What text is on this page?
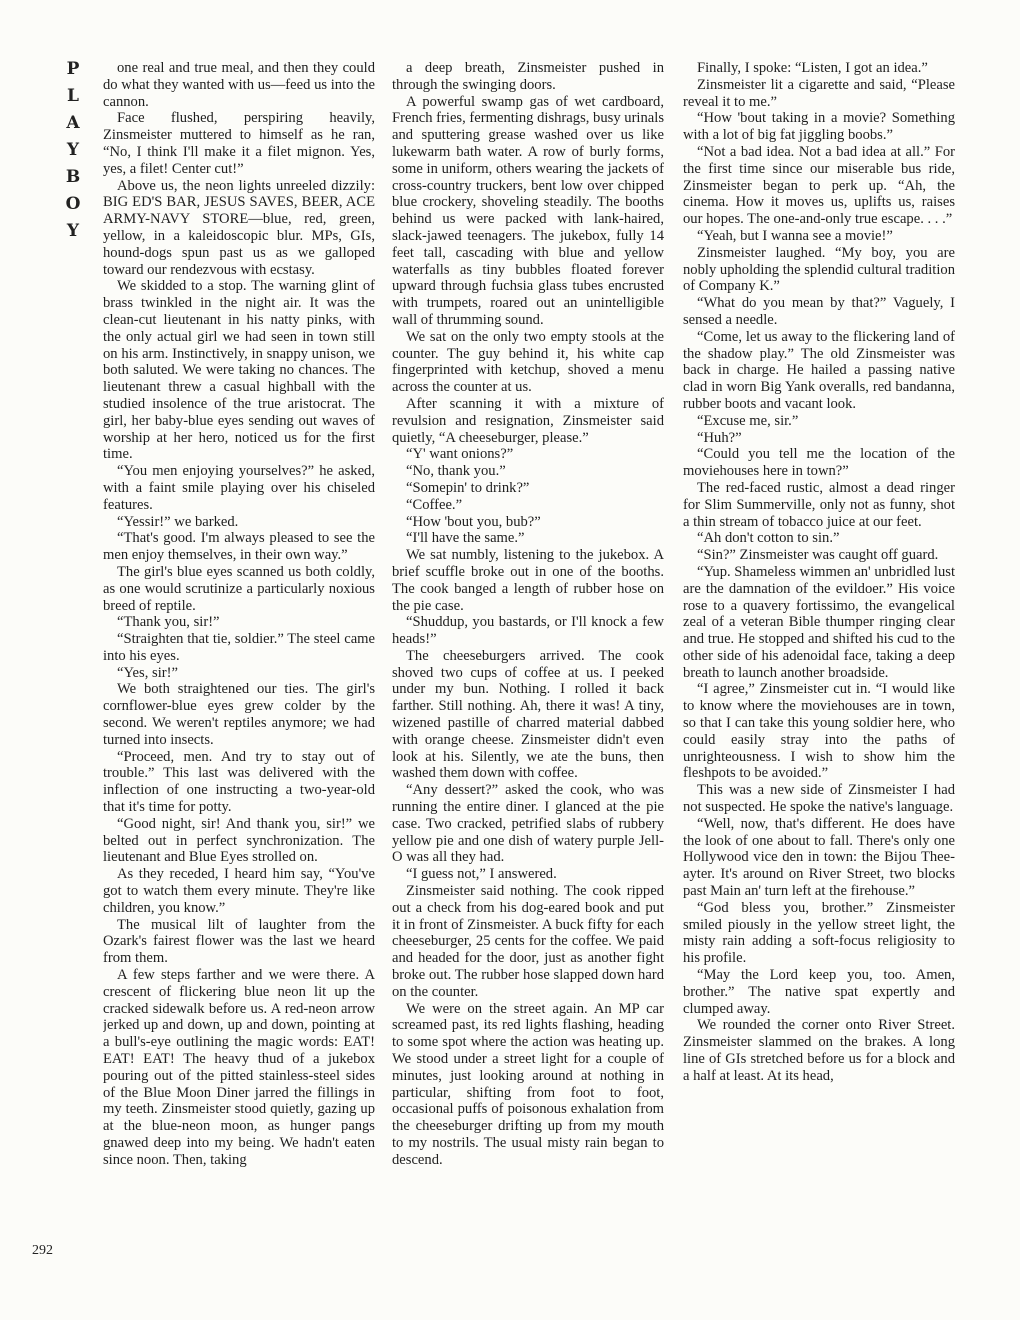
P
L
A
Y
B
O
Y
292

one real and true meal, and then they could do what they wanted with us—feed us into the cannon.

Face flushed, perspiring heavily, Zinsmeister muttered to himself as he ran, “No, I think I'll make it a filet mignon. Yes, yes, a filet! Center cut!”

Above us, the neon lights unreeled dizzily: BIG ED'S BAR, JESUS SAVES, BEER, ACE ARMY-NAVY STORE—blue, red, green, yellow, in a kaleidoscopic blur. MPs, GIs, hound-dogs spun past us as we galloped toward our rendezvous with ecstasy.

We skidded to a stop. The warning glint of brass twinkled in the night air. It was the clean-cut lieutenant in his natty pinks, with the only actual girl we had seen in town still on his arm. Instinctively, in snappy unison, we both saluted. We were taking no chances. The lieutenant threw a casual highball with the studied insolence of the true aristocrat. The girl, her baby-blue eyes sending out waves of worship at her hero, noticed us for the first time.

“You men enjoying yourselves?” he asked, with a faint smile playing over his chiseled features.

“Yessir!” we barked.

“That's good. I'm always pleased to see the men enjoy themselves, in their own way.”

The girl's blue eyes scanned us both coldly, as one would scrutinize a particularly noxious breed of reptile.

“Thank you, sir!”

“Straighten that tie, soldier.” The steel came into his eyes.

“Yes, sir!”

We both straightened our ties. The girl's cornflower-blue eyes grew colder by the second. We weren't reptiles anymore; we had turned into insects.

“Proceed, men. And try to stay out of trouble.” This last was delivered with the inflection of one instructing a two-year-old that it's time for potty.

“Good night, sir! And thank you, sir!” we belted out in perfect synchronization. The lieutenant and Blue Eyes strolled on.

As they receded, I heard him say, “You've got to watch them every minute. They're like children, you know.”

The musical lilt of laughter from the Ozark's fairest flower was the last we heard from them.

A few steps farther and we were there. A crescent of flickering blue neon lit up the cracked sidewalk before us. A red-neon arrow jerked up and down, up and down, pointing at a bull's-eye outlining the magic words: EAT! EAT! EAT! The heavy thud of a jukebox pouring out of the pitted stainless-steel sides of the Blue Moon Diner jarred the fillings in my teeth. Zinsmeister stood quietly, gazing up at the blue-neon moon, as hunger pangs gnawed deep into my being. We hadn't eaten since noon. Then, taking

a deep breath, Zinsmeister pushed in through the swinging doors.

A powerful swamp gas of wet cardboard, French fries, fermenting dishrags, busy urinals and sputtering grease washed over us like lukewarm bath water. A row of burly forms, some in uniform, others wearing the jackets of cross-country truckers, bent low over chipped blue crockery, shoveling steadily. The booths behind us were packed with lank-haired, slack-jawed teenagers. The jukebox, fully 14 feet tall, cascading with blue and yellow waterfalls as tiny bubbles floated forever upward through fuchsia glass tubes encrusted with trumpets, roared out an unintelligible wall of thrumming sound.

We sat on the only two empty stools at the counter. The guy behind it, his white cap fingerprinted with ketchup, shoved a menu across the counter at us.

After scanning it with a mixture of revulsion and resignation, Zinsmeister said quietly, “A cheeseburger, please.”

“Y' want onions?”

“No, thank you.”

“Somepin' to drink?”

“Coffee.”

“How 'bout you, bub?”

“I'll have the same.”

We sat numbly, listening to the jukebox. A brief scuffle broke out in one of the booths. The cook banged a length of rubber hose on the pie case.

“Shuddup, you bastards, or I'll knock a few heads!”

The cheeseburgers arrived. The cook shoved two cups of coffee at us. I peeked under my bun. Nothing. I rolled it back farther. Still nothing. Ah, there it was! A tiny, wizened pastille of charred material dabbed with orange cheese. Zinsmeister didn't even look at his. Silently, we ate the buns, then washed them down with coffee.

“Any dessert?” asked the cook, who was running the entire diner. I glanced at the pie case. Two cracked, petrified slabs of rubbery yellow pie and one dish of watery purple Jell-O was all they had.

“I guess not,” I answered.

Zinsmeister said nothing. The cook ripped out a check from his dog-eared book and put it in front of Zinsmeister. A buck fifty for each cheeseburger, 25 cents for the coffee. We paid and headed for the door, just as another fight broke out. The rubber hose slapped down hard on the counter.

We were on the street again. An MP car screamed past, its red lights flashing, heading to some spot where the action was heating up. We stood under a street light for a couple of minutes, just looking around at nothing in particular, shifting from foot to foot, occasional puffs of poisonous exhalation from the cheeseburger drifting up from my mouth to my nostrils. The usual misty rain began to descend.

Finally, I spoke: “Listen, I got an idea.”

Zinsmeister lit a cigarette and said, “Please reveal it to me.”

“How 'bout taking in a movie? Something with a lot of big fat jiggling boobs.”

“Not a bad idea. Not a bad idea at all.” For the first time since our miserable bus ride, Zinsmeister began to perk up. “Ah, the cinema. How it moves us, uplifts us, raises our hopes. The one-and-only true escape. . . .”

“Yeah, but I wanna see a movie!”

Zinsmeister laughed. “My boy, you are nobly upholding the splendid cultural tradition of Company K.”

“What do you mean by that?” Vaguely, I sensed a needle.

“Come, let us away to the flickering land of the shadow play.” The old Zinsmeister was back in charge. He hailed a passing native clad in worn Big Yank overalls, red bandanna, rubber boots and vacant look.

“Excuse me, sir.”

“Huh?”

“Could you tell me the location of the moviehouses here in town?”

The red-faced rustic, almost a dead ringer for Slim Summerville, only not as funny, shot a thin stream of tobacco juice at our feet.

“Ah don't cotton to sin.”

“Sin?” Zinsmeister was caught off guard.

“Yup. Shameless wimmen an' unbridled lust are the damnation of the evildoer.” His voice rose to a quavery fortissimo, the evangelical zeal of a veteran Bible thumper ringing clear and true. He stopped and shifted his cud to the other side of his adenoidal face, taking a deep breath to launch another broadside.

“I agree,” Zinsmeister cut in. “I would like to know where the moviehouses are in town, so that I can take this young soldier here, who could easily stray into the paths of unrighteousness. I wish to show him the fleshpots to be avoided.”

This was a new side of Zinsmeister I had not suspected. He spoke the native's language.

“Well, now, that's different. He does have the look of one about to fall. There's only one Hollywood vice den in town: the Bijou Thee-ayter. It's around on River Street, two blocks past Main an' turn left at the firehouse.”

“God bless you, brother.” Zinsmeister smiled piously in the yellow street light, the misty rain adding a soft-focus religiosity to his profile.

“May the Lord keep you, too. Amen, brother.” The native spat expertly and clumped away.

We rounded the corner onto River Street. Zinsmeister slammed on the brakes. A long line of GIs stretched before us for a block and a half at least. At its head,
